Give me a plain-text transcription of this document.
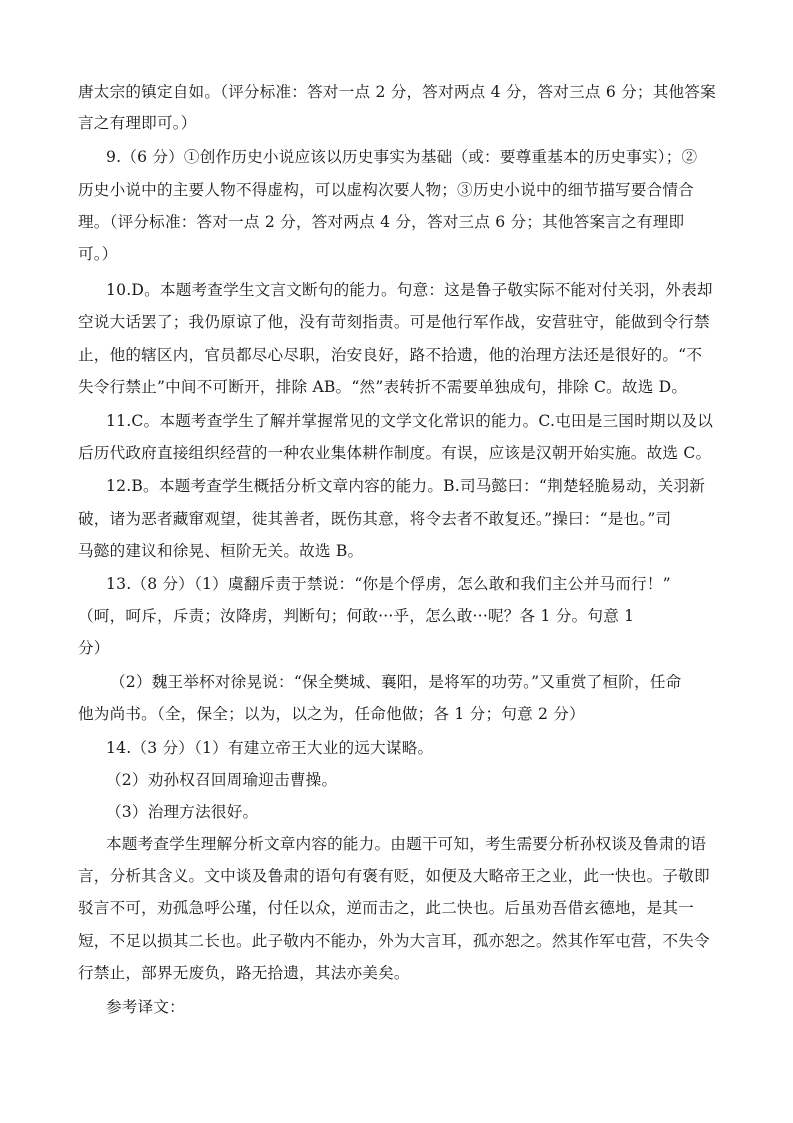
唐太宗的镇定自如。（评分标准：答对一点 2 分，答对两点 4 分，答对三点 6 分；其他答案
言之有理即可。）
9.（6 分）①创作历史小说应该以历史事实为基础（或：要尊重基本的历史事实）；②
历史小说中的主要人物不得虚构，可以虚构次要人物；③历史小说中的细节描写要合情合
理。（评分标准：答对一点 2 分，答对两点 4 分，答对三点 6 分；其他答案言之有理即
可。）
10.D。本题考查学生文言文断句的能力。句意：这是鲁子敬实际不能对付关羽，外表却
空说大话罢了；我仍原谅了他，没有苛刻指责。可是他行军作战，安营驻守，能做到令行禁
止，他的辖区内，官员都尽心尽职，治安良好，路不拾遗，他的治理方法还是很好的。“不
失令行禁止”中间不可断开，排除 AB。“然”表转折不需要单独成句，排除 C。故选 D。
11.C。本题考查学生了解并掌握常见的文学文化常识的能力。C.屯田是三国时期以及以
后历代政府直接组织经营的一种农业集体耕作制度。有误，应该是汉朝开始实施。故选 C。
12.B。本题考查学生概括分析文章内容的能力。B.司马懿曰：“荆楚轻脆易动，关羽新
破，诸为恶者藏窜观望，徙其善者，既伤其意，将令去者不敢复还。”操曰：“是也。”司
马懿的建议和徐晃、桓阶无关。故选 B。
13.（8 分）（1）虞翻斥责于禁说：“你是个俘虏，怎么敢和我们主公并马而行！”
（呵，呵斥，斥责；汝降虏，判断句；何敢···乎，怎么敢···呢？各 1 分。句意 1
分）
（2）魏王举杯对徐晃说：“保全樊城、襄阳，是将军的功劳。”又重赏了桓阶，任命
他为尚书。（全，保全；以为，以之为，任命他做；各 1 分；句意 2 分）
14.（3 分）（1）有建立帝王大业的远大谋略。
（2）劝孙权召回周瑜迎击曹操。
（3）治理方法很好。
本题考查学生理解分析文章内容的能力。由题干可知，考生需要分析孙权谈及鲁肃的语
言，分析其含义。文中谈及鲁肃的语句有褒有贬，如便及大略帝王之业，此一快也。子敬即
驳言不可，劝孤急呼公瑾，付任以众，逆而击之，此二快也。后虽劝吾借玄德地，是其一
短，不足以损其二长也。此子敬内不能办，外为大言耳，孤亦恕之。然其作军屯营，不失令
行禁止，部界无废负，路无拾遗，其法亦美矣。
参考译文：
